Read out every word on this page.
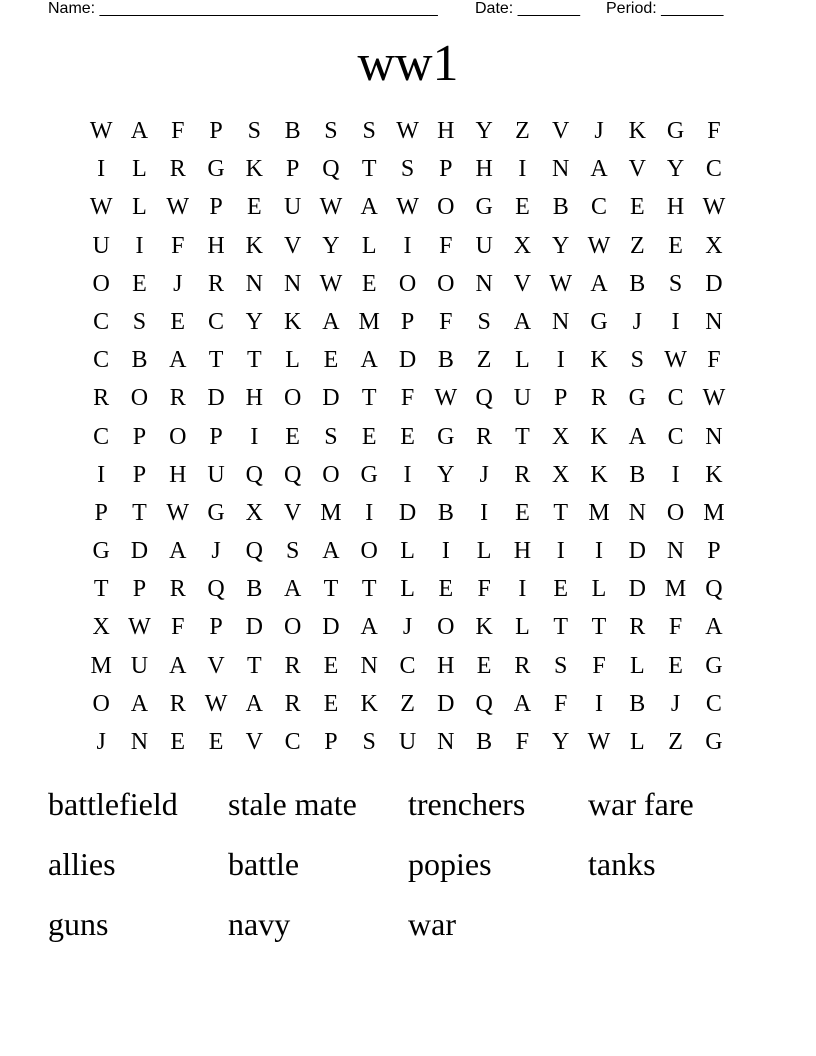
Name: ______________________________________ Date: _______ Period: _______
ww1
W A F	P	S B S	S W H Y Z V	J	K G F
I	L R G K P Q T	S	P H	I	N A V Y C
W L W P	E U W A W O G E B C E H W
U	I	F H K V Y L	I	F U X Y W Z E X
O E	J	R N N W E O O N V W A B S D
C S	E C Y K A M P	F	S A N G	J	I	N
C B A T T L E A D B Z L	I	K S W F
R O R D H O D T	F W Q U P R G C W
C P O P	I	E	S	E E G R T X K A C N
I	P H U Q Q O G	I	Y	J	R X K B	I	K
P	T W G X V M I	D B	I	E T M N O M
G D A	J	Q S A O L	I	L H	I	I	D N P
T	P R Q B A T T L E	F	I	E L D M Q
X W F	P D O D A	J	O K L T T R F A
M U A V T R E N C H E R S	F	L E G
O A R W A R E K Z D Q A F	I	B	J	C
J	N E E V C P	S U N B F Y W L Z G
battlefield	stale mate	trenchers	war fare
allies	battle	popies	tanks
guns	navy	war
